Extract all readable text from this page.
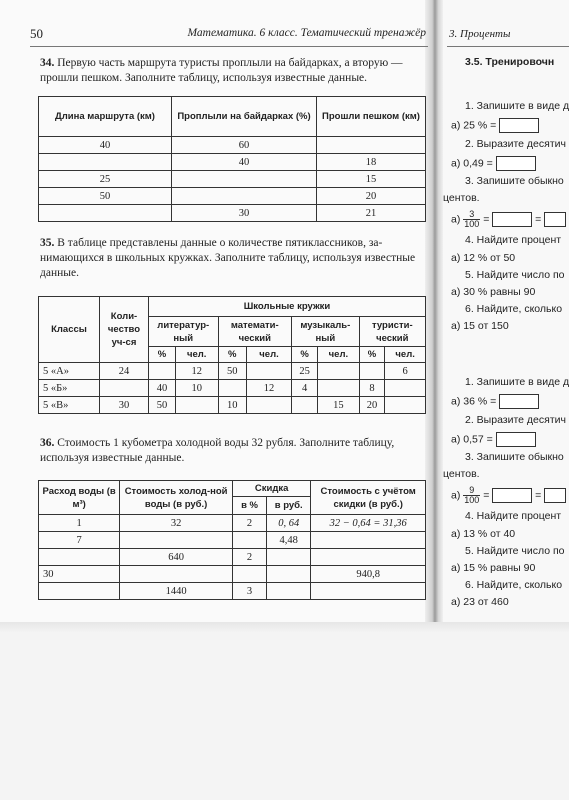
3. Проценты
3.5. Тренировочн
1. Запишите в виде д
а) 25 % =
2. Выразите десятич
а) 0,49 =
3. Запишите обыкно
центов.
$а) \frac{3}{100}$ =	=
4. Найдите процент
а) 12 % от 50
5. Найдите число по
а) 30 % равны 90
6. Найдите, сколько
а) 15 от 150
1. Запишите в виде д
а) 36 % =
2. Выразите десятич
а) 0,57 =
3. Запишите обыкно
центов.
$а) \frac{9}{100}$ =	=
4. Найдите процент
а) 13 % от 40
5. Найдите число по
а) 15 % равны 90
6. Найдите, сколько
а) 23 от 460
50	Математика. 6 класс. Тематический тренажёр
34. Первую часть маршрута туристы проплыли на байдарках, а вторую —
прошли пешком. Заполните таблицу, используя известные данные.
Длина маршрута (км)	Проплыли на байдарках (%)	Прошли пешком (км)
40	60	
	40	18
25		15
50		20
	30	21
35. В таблице представлены данные о количестве пятиклассников, за-
нимающихся в школьных кружках. Заполните таблицу, используя известные
данные.
Классы	Коли-чество уч-ся	Школьные кружки							
		литератур-ный		математи-ческий		музыкаль-ный		туристи-ческий	
		%	чел.	%	чел.	%	чел.	%	чел.
5 «А»	24		12	50		25			6
5 «Б»		40	10		12	4		8	
5 «В»	30	50		10			15	20	
36. Стоимость 1 кубометра холодной воды 32 рубля. Заполните таблицу,
используя известные данные.
Расход воды (в м³)	Стоимость холод-ной воды (в руб.)	Скидка		Стоимость с учётом скидки (в руб.)
		в %	в руб.	
1	32	2	0, 64	32 − 0,64 = 31,36
7			4,48	
	640	2		
30				940,8
	1440	3		
